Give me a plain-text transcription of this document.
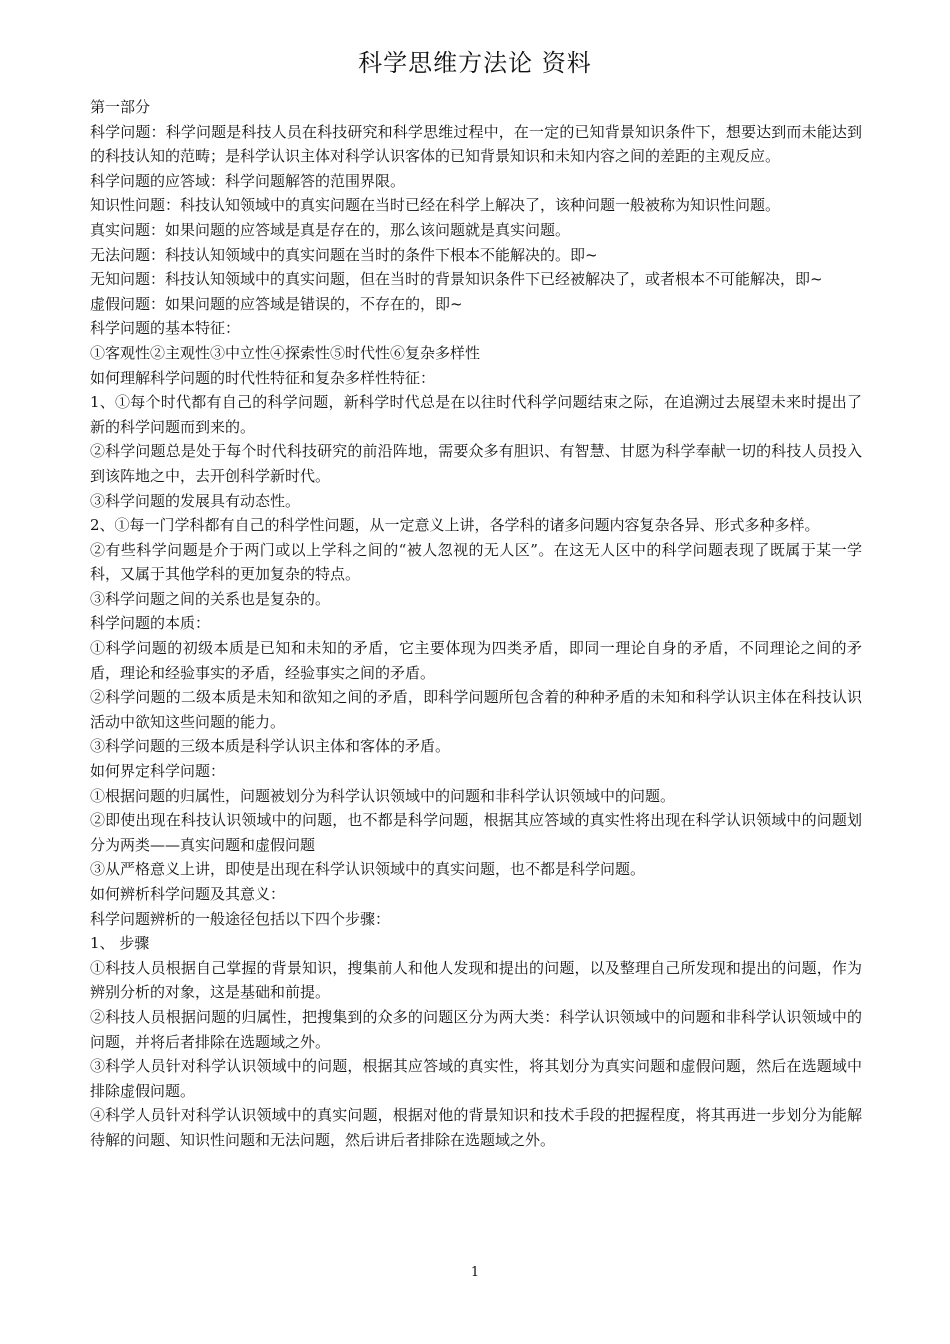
科学思维方法论 资料

第一部分

科学问题：科学问题是科技人员在科技研究和科学思维过程中，在一定的已知背景知识条件下，想要达到而未能达到的科技认知的范畴；是科学认识主体对科学认识客体的已知背景知识和未知内容之间的差距的主观反应。

科学问题的应答域：科学问题解答的范围界限。

知识性问题：科技认知领域中的真实问题在当时已经在科学上解决了，该种问题一般被称为知识性问题。

真实问题：如果问题的应答域是真是存在的，那么该问题就是真实问题。

无法问题：科技认知领域中的真实问题在当时的条件下根本不能解决的。即~

无知问题：科技认知领域中的真实问题，但在当时的背景知识条件下已经被解决了，或者根本不可能解决，即~

虚假问题：如果问题的应答域是错误的，不存在的，即~

科学问题的基本特征：

①客观性②主观性③中立性④探索性⑤时代性⑥复杂多样性

如何理解科学问题的时代性特征和复杂多样性特征：

1、①每个时代都有自己的科学问题，新科学时代总是在以往时代科学问题结束之际，在追溯过去展望未来时提出了新的科学问题而到来的。

②科学问题总是处于每个时代科技研究的前沿阵地，需要众多有胆识、有智慧、甘愿为科学奉献一切的科技人员投入到该阵地之中，去开创科学新时代。

③科学问题的发展具有动态性。

2、①每一门学科都有自己的科学性问题，从一定意义上讲，各学科的诸多问题内容复杂各异、形式多种多样。

②有些科学问题是介于两门或以上学科之间的“被人忽视的无人区”。在这无人区中的科学问题表现了既属于某一学科，又属于其他学科的更加复杂的特点。

③科学问题之间的关系也是复杂的。

科学问题的本质：

①科学问题的初级本质是已知和未知的矛盾，它主要体现为四类矛盾，即同一理论自身的矛盾，不同理论之间的矛盾，理论和经验事实的矛盾，经验事实之间的矛盾。

②科学问题的二级本质是未知和欲知之间的矛盾，即科学问题所包含着的种种矛盾的未知和科学认识主体在科技认识活动中欲知这些问题的能力。

③科学问题的三级本质是科学认识主体和客体的矛盾。

如何界定科学问题：

①根据问题的归属性，问题被划分为科学认识领域中的问题和非科学认识领域中的问题。

②即使出现在科技认识领域中的问题，也不都是科学问题，根据其应答域的真实性将出现在科学认识领域中的问题划分为两类——真实问题和虚假问题

③从严格意义上讲，即使是出现在科学认识领域中的真实问题，也不都是科学问题。

如何辨析科学问题及其意义：

科学问题辨析的一般途径包括以下四个步骤：

1、 步骤

①科技人员根据自己掌握的背景知识，搜集前人和他人发现和提出的问题，以及整理自己所发现和提出的问题，作为辨别分析的对象，这是基础和前提。

②科技人员根据问题的归属性，把搜集到的众多的问题区分为两大类：科学认识领域中的问题和非科学认识领域中的问题，并将后者排除在选题域之外。

③科学人员针对科学认识领域中的问题，根据其应答域的真实性，将其划分为真实问题和虚假问题，然后在选题域中排除虚假问题。

④科学人员针对科学认识领域中的真实问题，根据对他的背景知识和技术手段的把握程度，将其再进一步划分为能解待解的问题、知识性问题和无法问题，然后讲后者排除在选题域之外。

1
